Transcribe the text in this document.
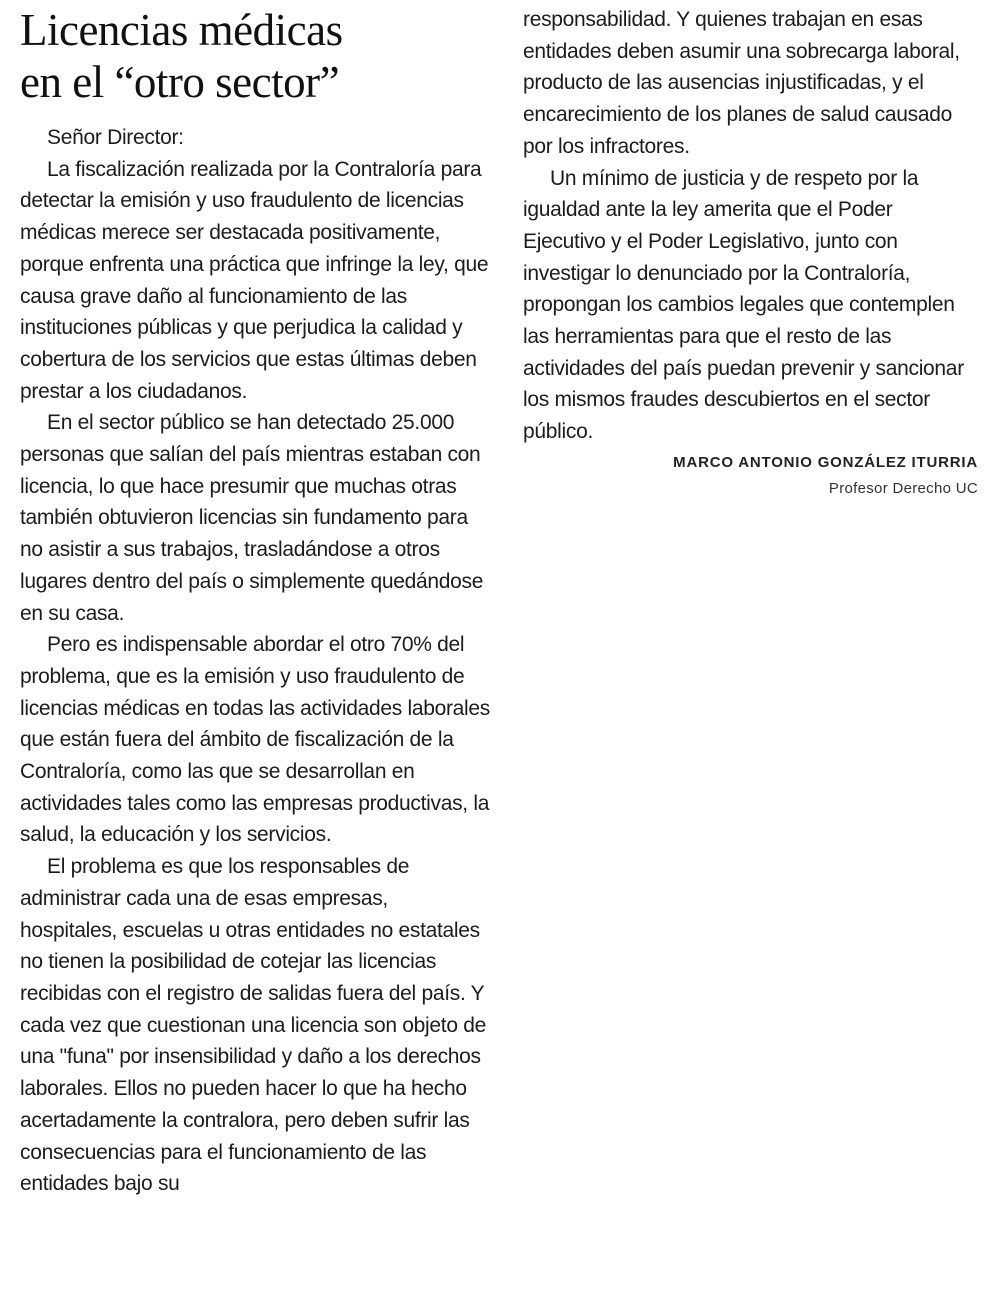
Licencias médicas
en el “otro sector”
Señor Director:

La fiscalización realizada por la Contraloría para detectar la emisión y uso fraudulento de licencias médicas merece ser destacada positivamente, porque enfrenta una práctica que infringe la ley, que causa grave daño al funcionamiento de las instituciones públicas y que perjudica la calidad y cobertura de los servicios que estas últimas deben prestar a los ciudadanos.

En el sector público se han detectado 25.000 personas que salían del país mientras estaban con licencia, lo que hace presumir que muchas otras también obtuvieron licencias sin fundamento para no asistir a sus trabajos, trasladándose a otros lugares dentro del país o simplemente quedándose en su casa.

Pero es indispensable abordar el otro 70% del problema, que es la emisión y uso fraudulento de licencias médicas en todas las actividades laborales que están fuera del ámbito de fiscalización de la Contraloría, como las que se desarrollan en actividades tales como las empresas productivas, la salud, la educación y los servicios.

El problema es que los responsables de administrar cada una de esas empresas, hospitales, escuelas u otras entidades no estatales no tienen la posibilidad de cotejar las licencias recibidas con el registro de salidas fuera del país. Y cada vez que cuestionan una licencia son objeto de una "funa" por insensibilidad y daño a los derechos laborales. Ellos no pueden hacer lo que ha hecho acertadamente la contralora, pero deben sufrir las consecuencias para el funcionamiento de las entidades bajo su

responsabilidad. Y quienes trabajan en esas entidades deben asumir una sobrecarga laboral, producto de las ausencias injustificadas, y el encarecimiento de los planes de salud causado por los infractores.

Un mínimo de justicia y de respeto por la igualdad ante la ley amerita que el Poder Ejecutivo y el Poder Legislativo, junto con investigar lo denunciado por la Contraloría, propongan los cambios legales que contemplen las herramientas para que el resto de las actividades del país puedan prevenir y sancionar los mismos fraudes descubiertos en el sector público.

MARCO ANTONIO GONZÁLEZ ITURRIA
Profesor Derecho UC
